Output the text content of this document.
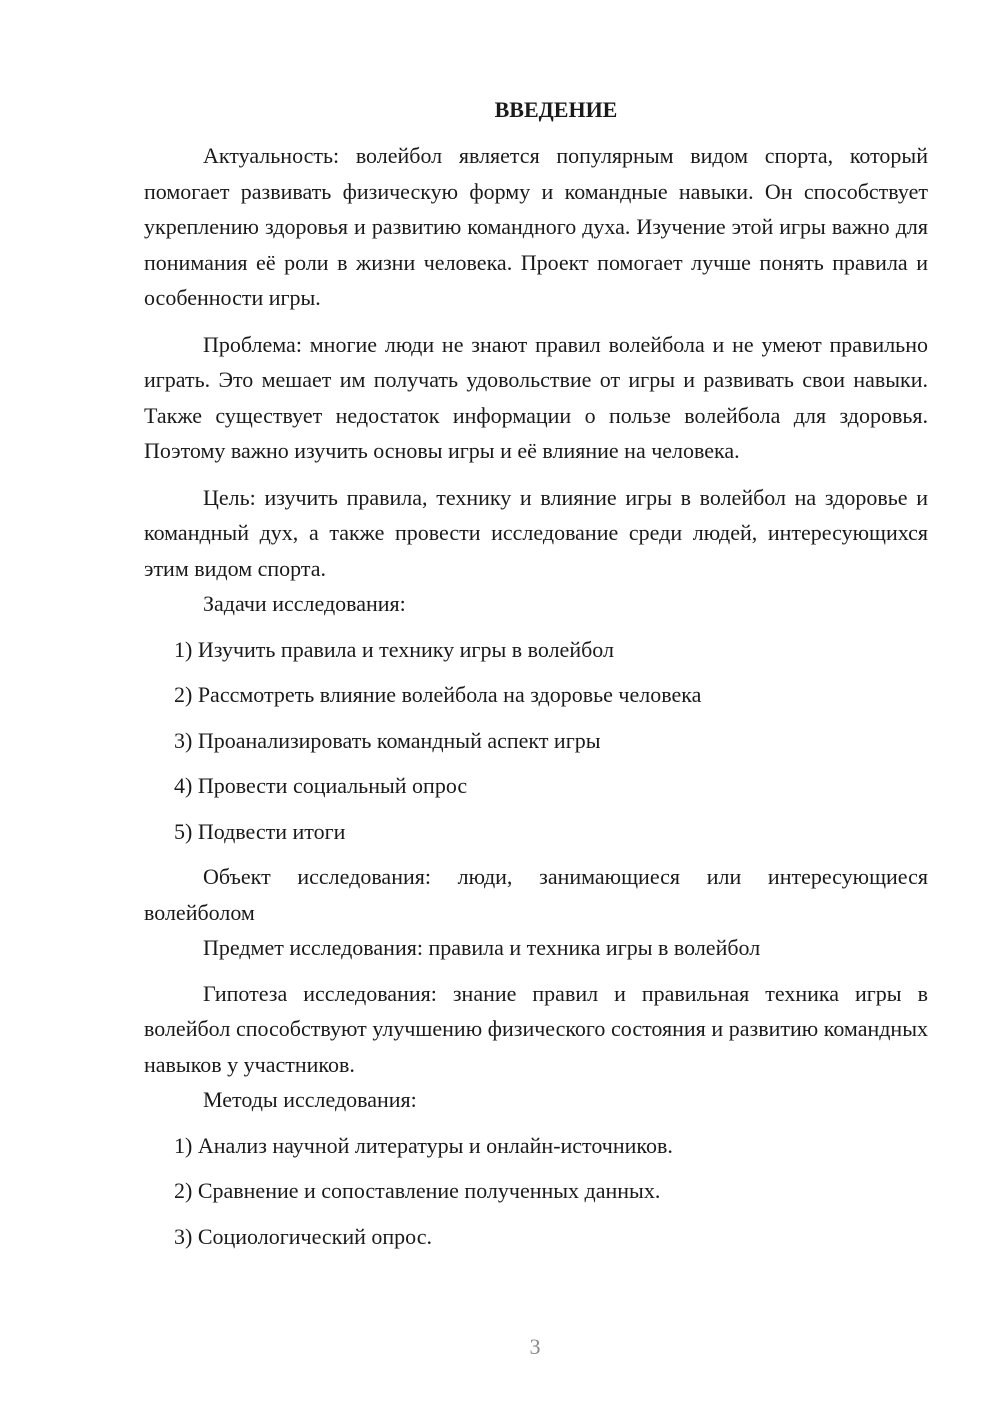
ВВЕДЕНИЕ

Актуальность: волейбол является популярным видом спорта, который помогает развивать физическую форму и командные навыки. Он способствует укреплению здоровья и развитию командного духа. Изучение этой игры важно для понимания её роли в жизни человека. Проект помогает лучше понять правила и особенности игры.

Проблема: многие люди не знают правил волейбола и не умеют правильно играть. Это мешает им получать удовольствие от игры и развивать свои навыки. Также существует недостаток информации о пользе волейбола для здоровья. Поэтому важно изучить основы игры и её влияние на человека.

Цель: изучить правила, технику и влияние игры в волейбол на здоровье и командный дух, а также провести исследование среди людей, интересующихся этим видом спорта.

Задачи исследования:

1) Изучить правила и технику игры в волейбол

2) Рассмотреть влияние волейбола на здоровье человека

3) Проанализировать командный аспект игры

4) Провести социальный опрос

5) Подвести итоги

Объект исследования: люди, занимающиеся или интересующиеся волейболом

Предмет исследования: правила и техника игры в волейбол

Гипотеза исследования: знание правил и правильная техника игры в волейбол способствуют улучшению физического состояния и развитию командных навыков у участников.

Методы исследования:

1) Анализ научной литературы и онлайн-источников.

2) Сравнение и сопоставление полученных данных.

3) Социологический опрос.

3
